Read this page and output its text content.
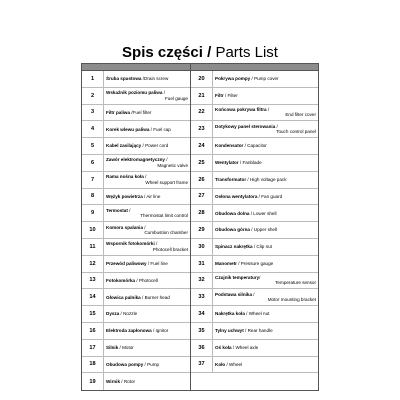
Spis części / Parts List
1	Śruba spustowa /Drain screw
2	Wskaźnik poziomu paliwa /
Fuel gauge
3	Filtr paliwa /Fuel filter
4	Korek wlewu paliwa / Fuel cap
5	Kabel zasilający / Power cord
6	Zawór elektromagnetyczny /
Magnetic valve
7	Rama nośna koła /
Wheel support frame
8	Wężyk powietrza / Air line
9	Termostat /
Thermostat limit control
10	Komora spalania /
Cumbustion chamber
11	Wspornik fotokomórki /
Photocell bracket
12	Przewód paliwowy / Fuel line
13	Fotokomórka / Photocell
14	Głowica palnika / Burner head
15	Dysza / Nozzle
16	Elektroda zapłonowa / Ignitor
17	Silnik / Motor
18	Obudowa pompy / Pump
19	Wirnik / Rotor
20	Pokrywa pompy / Pump cover
21	Filtr / Filter
22	Końcowa pokrywa filtra /
End filter cover
23	Dotykowy panel sterowania /
Touch control panel
24	Kondensator / Capacitor
25	Wentylator / Fanblade
26	Transformator / High voltage pack
27	Osłona wentylatora / Fan guard
28	Obudowa dolna / Lower shell
29	Obudowa górna / Upper shell
30	Spinacz nakrętka / Clip nut
31	Manometr / Pressure gauge
32	Czujnik temperatury/
Temperature sensor
33	Podstawa silnika /
Motor mounting bracket
34	Nakrętka koła / Wheel nut
35	Tylny uchwyt / Rear handle
36	Oś koła / Wheel axle
37	Koło / Wheel
